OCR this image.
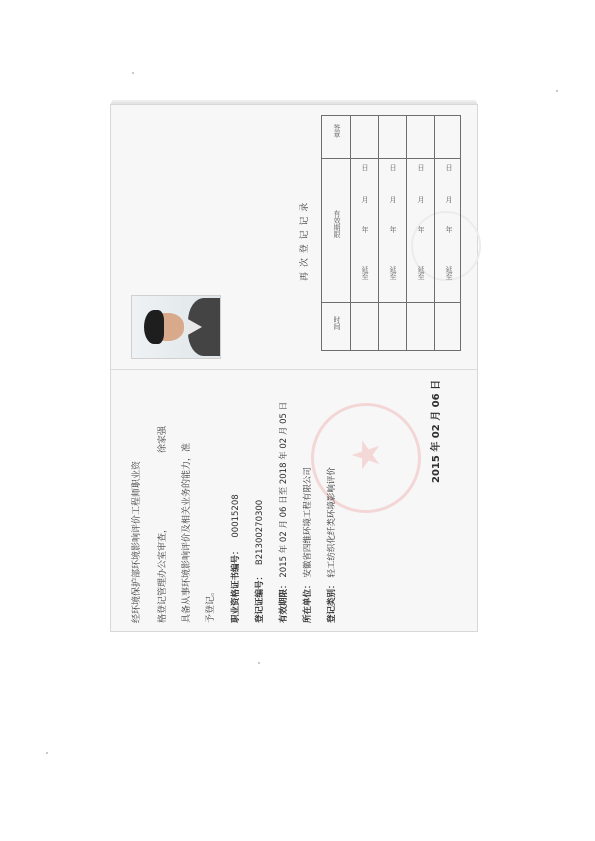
★
经环境保护部环境影响评价工程师职业资	格登记管理办公室审查，
徐家强
具备从事环境影响评价及相关业务的能力，准	予登记。 职业资格证书编号： 00015208
登记证编号： B21300270300
有效期限： 2015 年 02 月 06 日至 2018 年 02 月 05 日
所在单位： 安徽省四维环境工程有限公司
登记类别： 轻工纺织化纤类环境影响评价
2015 年 02 月 06 日
再 次 登 记 记 录
签章
有效期限
时间
延至
年
月
日
延至
年
月
日
延至
年
月
日
延至
年
月
日
